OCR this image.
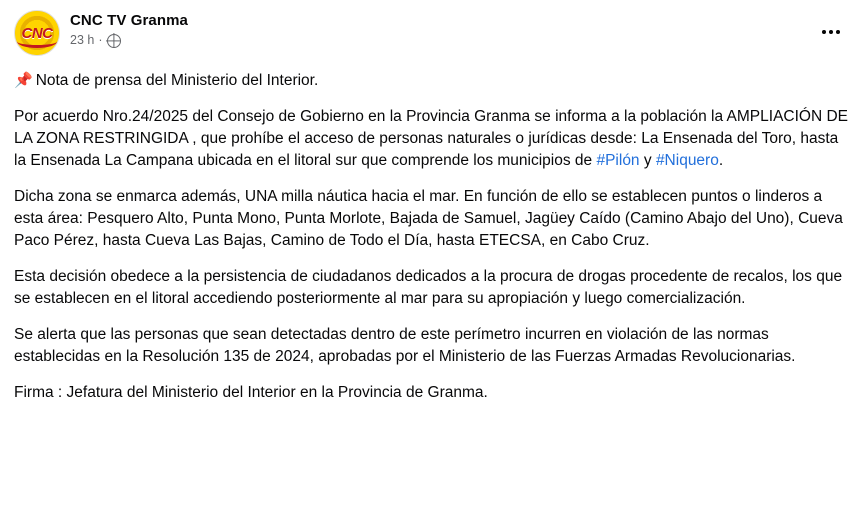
CNC
CNC TV Granma
23 h ·

📌 Nota de prensa del Ministerio del Interior.

Por acuerdo Nro.24/2025 del Consejo de Gobierno en la Provincia Granma se informa a la población la AMPLIACIÓN DE LA ZONA RESTRINGIDA , que prohíbe el acceso de personas naturales o jurídicas desde: La Ensenada del Toro, hasta la Ensenada La Campana ubicada en el litoral sur que comprende los municipios de #Pilón y #Niquero.

Dicha zona se enmarca además, UNA milla náutica hacia el mar. En función de ello se establecen puntos o linderos a esta área: Pesquero Alto, Punta Mono, Punta Morlote, Bajada de Samuel, Jagüey Caído (Camino Abajo del Uno), Cueva Paco Pérez, hasta Cueva Las Bajas, Camino de Todo el Día, hasta ETECSA, en Cabo Cruz.

Esta decisión obedece a la persistencia de ciudadanos dedicados a la procura de drogas procedente de recalos, los que se establecen en el litoral accediendo posteriormente al mar para su apropiación y luego comercialización.

Se alerta que las personas que sean detectadas dentro de este perímetro incurren en violación de las normas establecidas en la Resolución 135 de 2024, aprobadas por el Ministerio de las Fuerzas Armadas Revolucionarias.

Firma : Jefatura del Ministerio del Interior en la Provincia de Granma.
